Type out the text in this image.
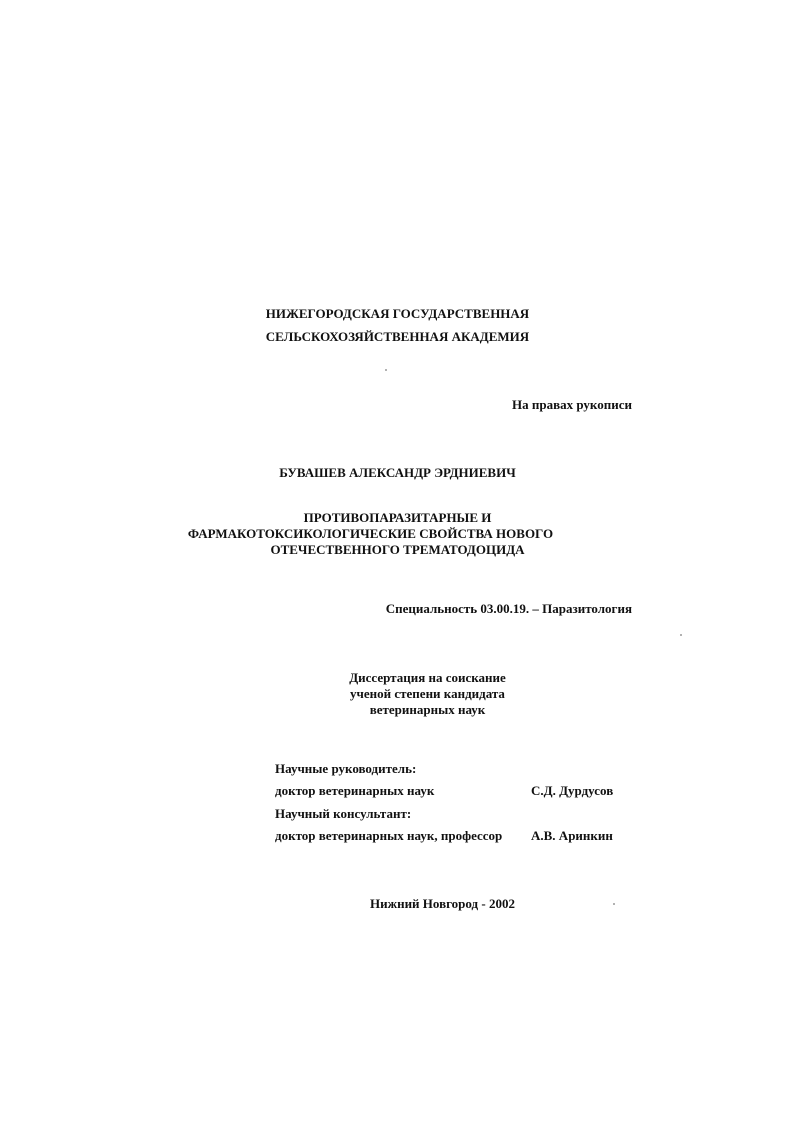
НИЖЕГОРОДСКАЯ ГОСУДАРСТВЕННАЯ
СЕЛЬСКОХОЗЯЙСТВЕННАЯ АКАДЕМИЯ
На правах рукописи
БУВАШЕВ АЛЕКСАНДР ЭРДНИЕВИЧ
ПРОТИВОПАРАЗИТАРНЫЕ И
ФАРМАКОТОКСИКОЛОГИЧЕСКИЕ СВОЙСТВА НОВОГО
ОТЕЧЕСТВЕННОГО ТРЕМАТОДОЦИДА
Специальность 03.00.19. – Паразитология
Диссертация на соискание
ученой степени кандидата
ветеринарных наук
Научные руководитель:
доктор ветеринарных наук	С.Д. Дурдусов
Научный консультант:
доктор ветеринарных наук, профессор А.В. Аринкин
Нижний Новгород - 2002
